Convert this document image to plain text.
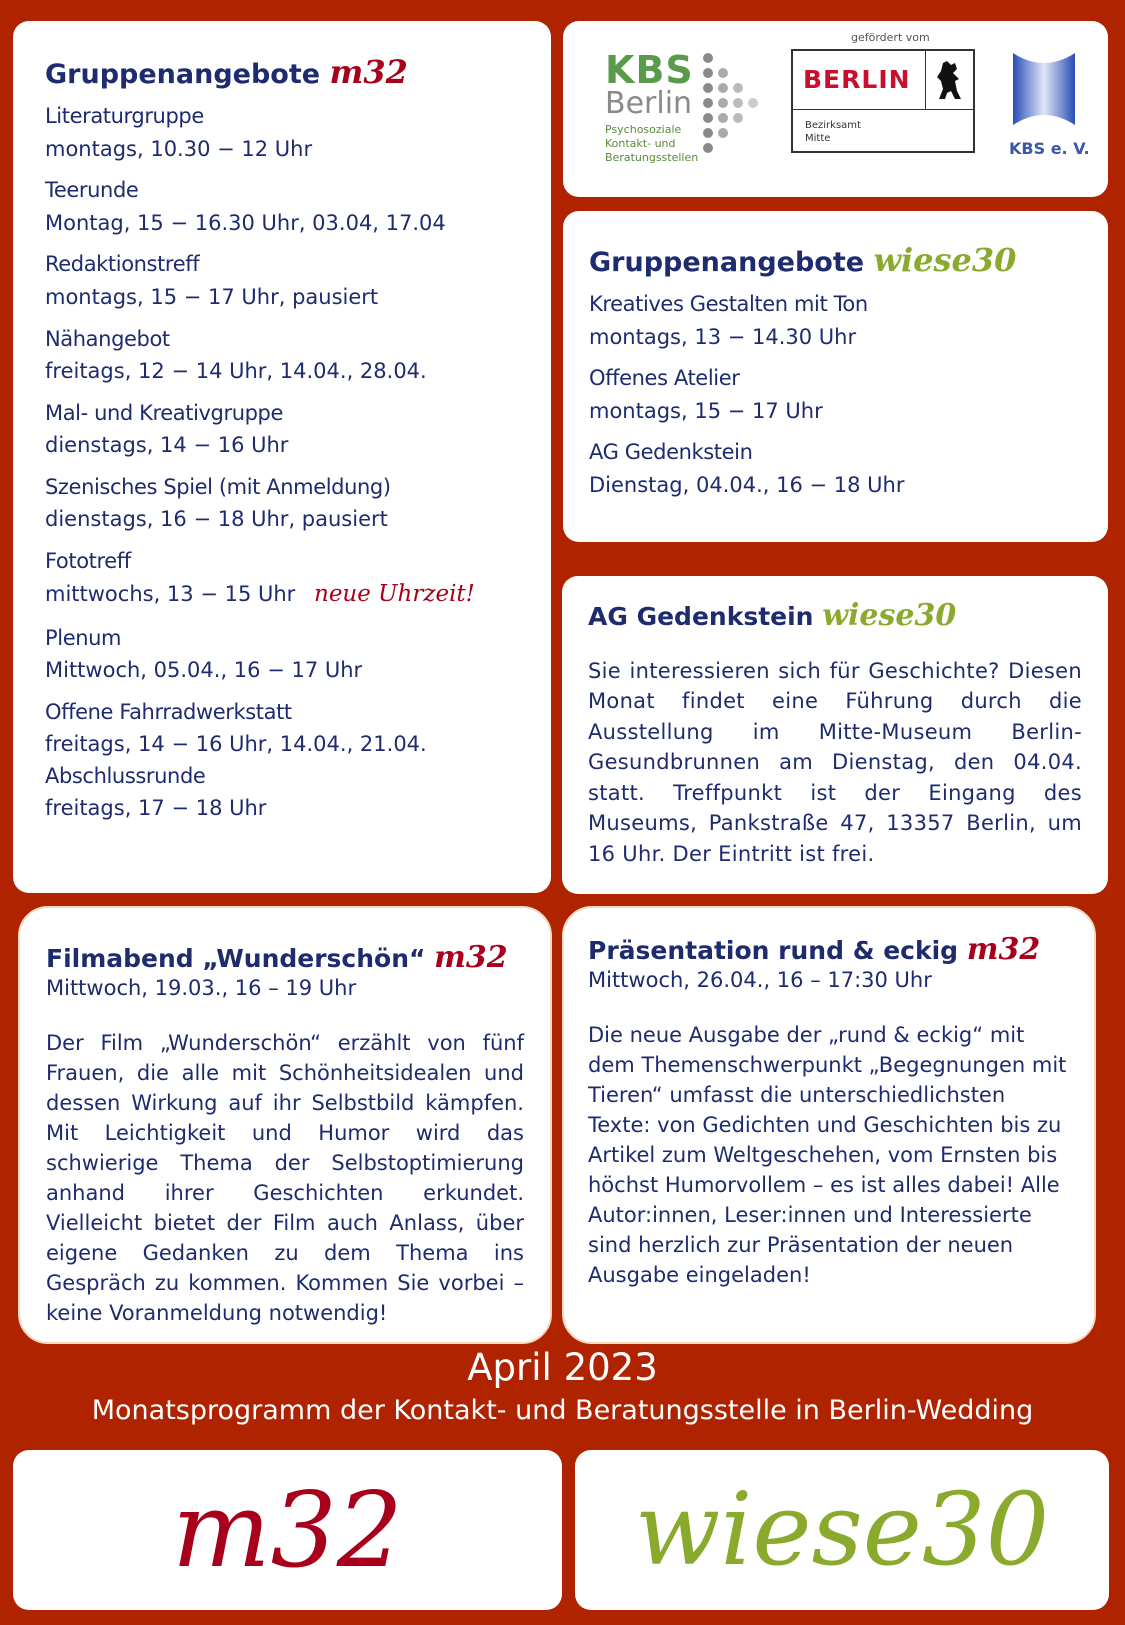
Gruppenangebote m32
Literaturgruppe
montags, 10.30 − 12 Uhr
Teerunde
Montag, 15 − 16.30 Uhr, 03.04, 17.04
Redaktionstreff
montags, 15 − 17 Uhr, pausiert
Nähangebot
freitags, 12 − 14 Uhr, 14.04., 28.04.
Mal- und Kreativgruppe
dienstags, 14 − 16 Uhr
Szenisches Spiel (mit Anmeldung)
dienstags, 16 − 18 Uhr, pausiert
Fototreff
mittwochs, 13 − 15 Uhr neue Uhrzeit!
Plenum
Mittwoch, 05.04., 16 − 17 Uhr
Offene Fahrradwerkstatt
freitags, 14 − 16 Uhr, 14.04., 21.04.
Abschlussrunde
freitags, 17 − 18 Uhr
KBS
Berlin
Psychosoziale
Kontakt- und
Beratungsstellen
gefördert vom
BERLIN
Bezirksamt
Mitte
KBS e. V.
Gruppenangebote wiese30
Kreatives Gestalten mit Ton
montags, 13 − 14.30 Uhr
Offenes Atelier
montags, 15 − 17 Uhr
AG Gedenkstein
Dienstag, 04.04., 16 − 18 Uhr
AG Gedenkstein wiese30

Sie interessieren sich für Geschichte? Diesen Monat findet eine Führung durch die Ausstellung im Mitte-Museum Berlin-Gesundbrunnen am Dienstag, den 04.04. statt. Treffpunkt ist der Eingang des Museums, Pankstraße 47, 13357 Berlin, um 16 Uhr. Der Eintritt ist frei.

Filmabend „Wunderschön“ m32
Mittwoch, 19.03., 16 – 19 Uhr

Der Film „Wunderschön“ erzählt von fünf Frauen, die alle mit Schönheitsidealen und dessen Wirkung auf ihr Selbstbild kämpfen. Mit Leichtigkeit und Humor wird das schwierige Thema der Selbstoptimierung anhand ihrer Geschichten erkundet. Vielleicht bietet der Film auch Anlass, über eigene Gedanken zu dem Thema ins Gespräch zu kommen. Kommen Sie vorbei – keine Voranmeldung notwendig!

Präsentation rund & eckig m32
Mittwoch, 26.04., 16 – 17:30 Uhr

Die neue Ausgabe der „rund & eckig“ mit dem Themenschwerpunkt „Begegnungen mit Tieren“ umfasst die unterschiedlichsten Texte: von Gedichten und Geschichten bis zu Artikel zum Weltgeschehen, vom Ernsten bis höchst Humorvollem – es ist alles dabei! Alle Autor:innen, Leser:innen und Interessierte sind herzlich zur Präsentation der neuen Ausgabe eingeladen!

April 2023
Monatsprogramm der Kontakt- und Beratungsstelle in Berlin-Wedding
m32 wiese30
